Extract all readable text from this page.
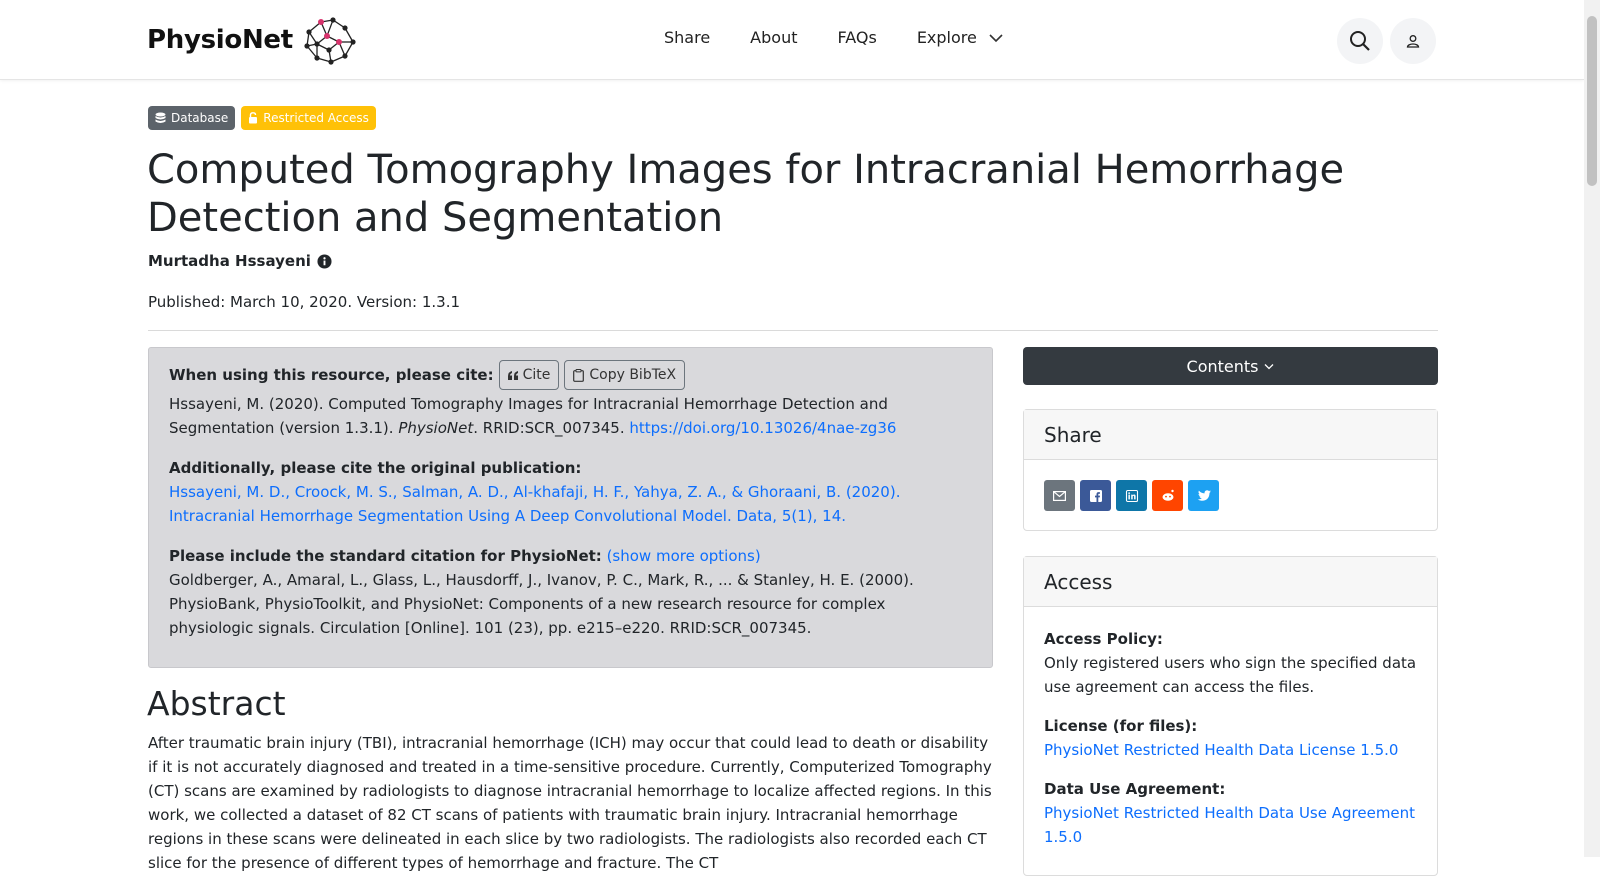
PhysioNet	Share	About	FAQs	Explore
Database	Restricted Access
Computed Tomography Images for Intracranial Hemorrhage Detection and Segmentation
Murtadha Hssayeni
Published: March 10, 2020. Version: 1.3.1
When using this resource, please cite: Cite	Copy BibTeX
Hssayeni, M. (2020). Computed Tomography Images for Intracranial Hemorrhage Detection and Segmentation (version 1.3.1). PhysioNet. RRID:SCR_007345. https://doi.org/10.13026/4nae-zg36
Additionally, please cite the original publication:
Hssayeni, M. D., Croock, M. S., Salman, A. D., Al-khafaji, H. F., Yahya, Z. A., & Ghoraani, B. (2020). Intracranial Hemorrhage Segmentation Using A Deep Convolutional Model. Data, 5(1), 14.
Please include the standard citation for PhysioNet: (show more options)
Goldberger, A., Amaral, L., Glass, L., Hausdorff, J., Ivanov, P. C., Mark, R., ... & Stanley, H. E. (2000). PhysioBank, PhysioToolkit, and PhysioNet: Components of a new research resource for complex physiologic signals. Circulation [Online]. 101 (23), pp. e215–e220. RRID:SCR_007345.
Abstract

After traumatic brain injury (TBI), intracranial hemorrhage (ICH) may occur that could lead to death or disability if it is not accurately diagnosed and treated in a time-sensitive procedure. Currently, Computerized Tomography (CT) scans are examined by radiologists to diagnose intracranial hemorrhage to localize affected regions. In this work, we collected a dataset of 82 CT scans of patients with traumatic brain injury. Intracranial hemorrhage regions in these scans were delineated in each slice by two radiologists. The radiologists also recorded each CT slice for the presence of different types of hemorrhage and fracture. The CT

Contents
Share
Access
Access Policy:
Only registered users who sign the specified data use agreement can access the files.
License (for files):
PhysioNet Restricted Health Data License 1.5.0
Data Use Agreement:
PhysioNet Restricted Health Data Use Agreement 1.5.0
